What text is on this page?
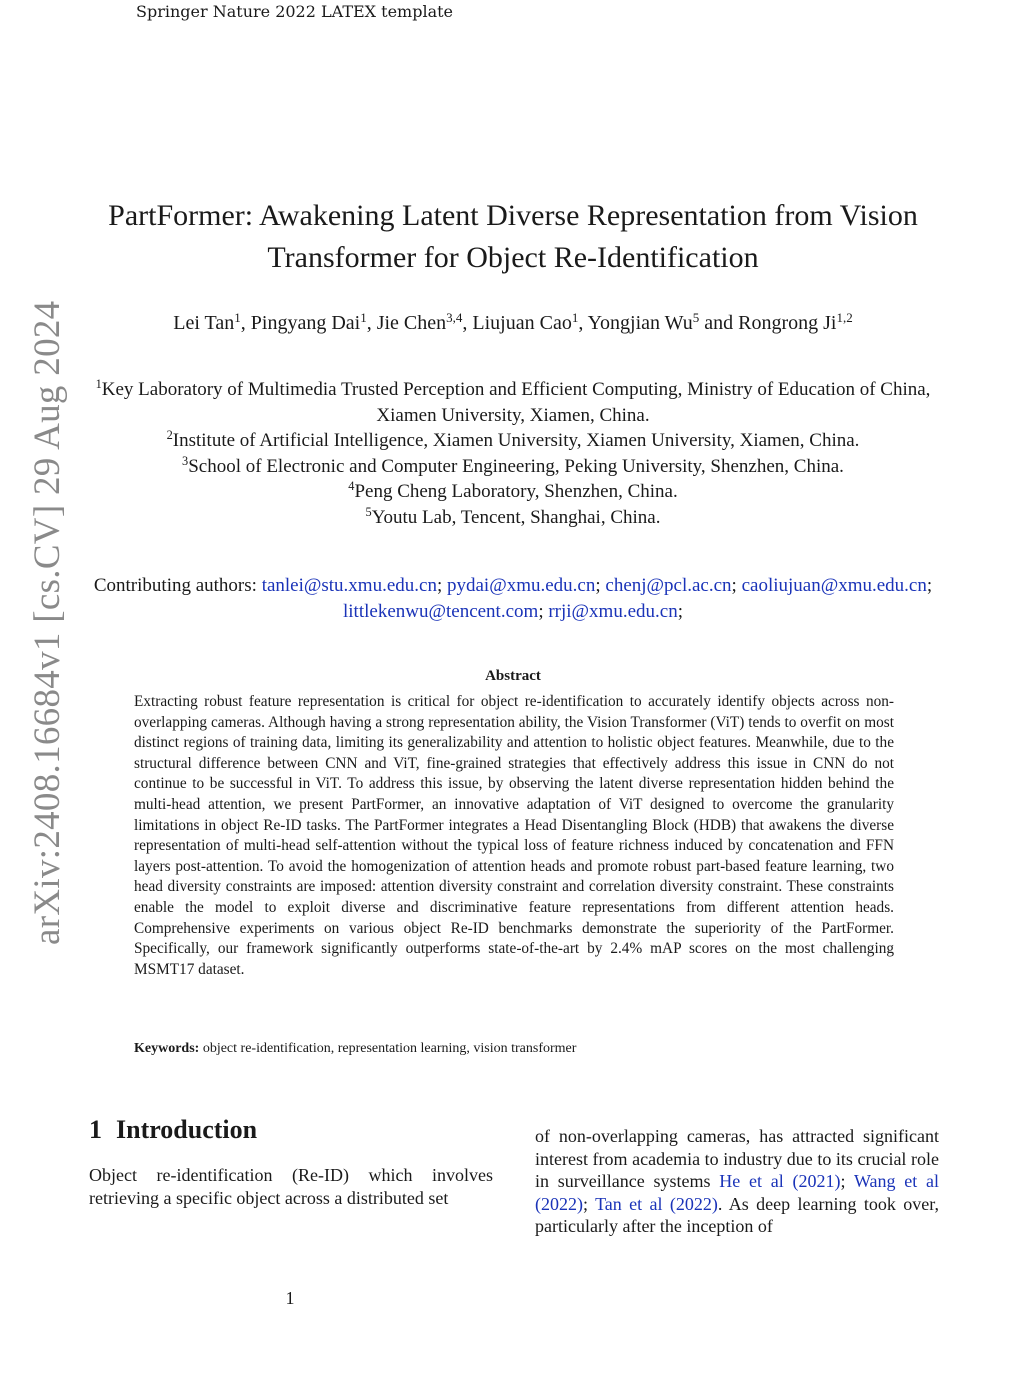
Springer Nature 2022 LATEX template
arXiv:2408.16684v1 [cs.CV] 29 Aug 2024
PartFormer: Awakening Latent Diverse Representation from Vision Transformer for Object Re-Identification
Lei Tan$^1$, Pingyang Dai$^1$, Jie Chen$^{3,4}$, Liujuan Cao$^1$, Yongjian Wu$^5$ and Rongrong Ji$^{1,2}$
$^1$Key Laboratory of Multimedia Trusted Perception and Efficient Computing, Ministry of Education of China, Xiamen University, Xiamen, China.
$^2$Institute of Artificial Intelligence, Xiamen University, Xiamen University, Xiamen, China.
$^3$School of Electronic and Computer Engineering, Peking University, Shenzhen, China.
$^4$Peng Cheng Laboratory, Shenzhen, China.
$^5$Youtu Lab, Tencent, Shanghai, China.
Contributing authors: tanlei@stu.xmu.edu.cn; pydai@xmu.edu.cn; chenj@pcl.ac.cn; caoliujuan@xmu.edu.cn; littlekenwu@tencent.com; rrji@xmu.edu.cn;
Abstract
Extracting robust feature representation is critical for object re-identification to accurately identify objects across non-overlapping cameras. Although having a strong representation ability, the Vision Transformer (ViT) tends to overfit on most distinct regions of training data, limiting its generalizability and attention to holistic object features. Meanwhile, due to the structural difference between CNN and ViT, fine-grained strategies that effectively address this issue in CNN do not continue to be successful in ViT. To address this issue, by observing the latent diverse representation hidden behind the multi-head attention, we present PartFormer, an innovative adaptation of ViT designed to overcome the granularity limitations in object Re-ID tasks. The PartFormer integrates a Head Disentangling Block (HDB) that awakens the diverse representation of multi-head self-attention without the typical loss of feature richness induced by concatenation and FFN layers post-attention. To avoid the homogenization of attention heads and promote robust part-based feature learning, two head diversity constraints are imposed: attention diversity constraint and correlation diversity constraint. These constraints enable the model to exploit diverse and discriminative feature representations from different attention heads. Comprehensive experiments on various object Re-ID benchmarks demonstrate the superiority of the PartFormer. Specifically, our framework significantly outperforms state-of-the-art by 2.4% mAP scores on the most challenging MSMT17 dataset.
Keywords: object re-identification, representation learning, vision transformer
1 Introduction
Object re-identification (Re-ID) which involves retrieving a specific object across a distributed set
of non-overlapping cameras, has attracted significant interest from academia to industry due to its crucial role in surveillance systems He et al (2021); Wang et al (2022); Tan et al (2022). As deep learning took over, particularly after the inception of
1
